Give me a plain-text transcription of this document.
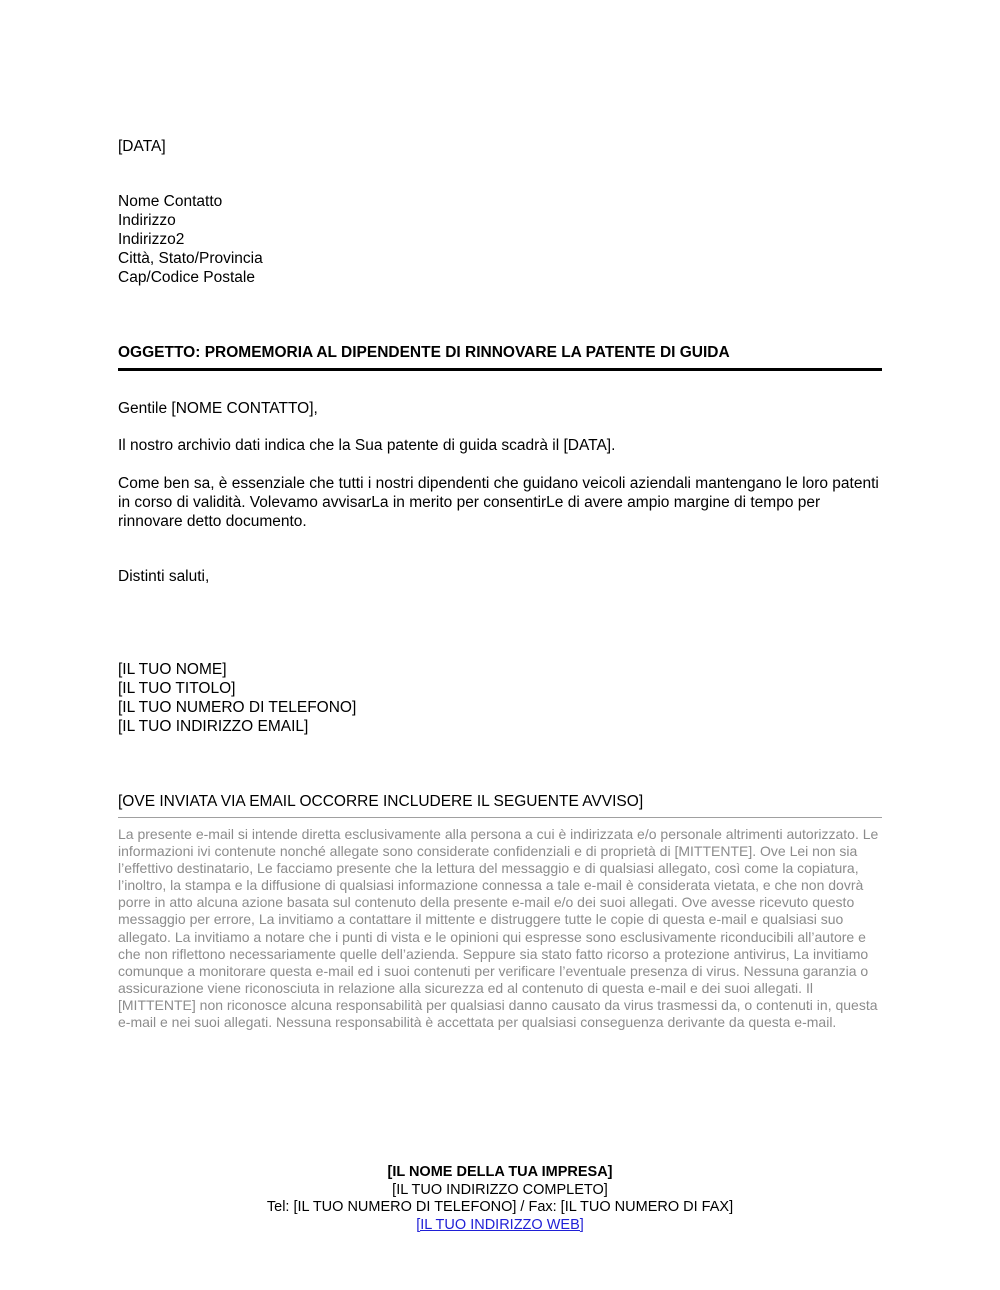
[DATA]
Nome Contatto
Indirizzo
Indirizzo2
Città, Stato/Provincia
Cap/Codice Postale
OGGETTO: PROMEMORIA AL DIPENDENTE DI RINNOVARE LA PATENTE DI GUIDA
Gentile [NOME CONTATTO],
Il nostro archivio dati indica che la Sua patente di guida scadrà il [DATA].
Come ben sa, è essenziale che tutti i nostri dipendenti che guidano veicoli aziendali mantengano le loro patenti in corso di validità. Volevamo avvisarLa in merito per consentirLe di avere ampio margine di tempo per rinnovare detto documento.
Distinti saluti,
[IL TUO NOME]
[IL TUO TITOLO]
[IL TUO NUMERO DI TELEFONO]
[IL TUO INDIRIZZO EMAIL]
[OVE INVIATA VIA EMAIL OCCORRE INCLUDERE IL SEGUENTE AVVISO]
La presente e-mail si intende diretta esclusivamente alla persona a cui è indirizzata e/o personale altrimenti autorizzato. Le informazioni ivi contenute nonché allegate sono considerate confidenziali e di proprietà di [MITTENTE]. Ove Lei non sia l’effettivo destinatario, Le facciamo presente che la lettura del messaggio e di qualsiasi allegato, così come la copiatura, l’inoltro, la stampa e la diffusione di qualsiasi informazione connessa a tale e-mail è considerata vietata, e che non dovrà porre in atto alcuna azione basata sul contenuto della presente e-mail e/o dei suoi allegati. Ove avesse ricevuto questo messaggio per errore, La invitiamo a contattare il mittente e distruggere tutte le copie di questa e-mail e qualsiasi suo allegato. La invitiamo a notare che i punti di vista e le opinioni qui espresse sono esclusivamente riconducibili all’autore e che non riflettono necessariamente quelle dell’azienda. Seppure sia stato fatto ricorso a protezione antivirus, La invitiamo comunque a monitorare questa e-mail ed i suoi contenuti per verificare l’eventuale presenza di virus. Nessuna garanzia o assicurazione viene riconosciuta in relazione alla sicurezza ed al contenuto di questa e-mail e dei suoi allegati. Il [MITTENTE] non riconosce alcuna responsabilità per qualsiasi danno causato da virus trasmessi da, o contenuti in, questa e-mail e nei suoi allegati. Nessuna responsabilità è accettata per qualsiasi conseguenza derivante da questa e-mail.
[IL NOME DELLA TUA IMPRESA]
[IL TUO INDIRIZZO COMPLETO]
Tel: [IL TUO NUMERO DI TELEFONO] / Fax: [IL TUO NUMERO DI FAX]
[IL TUO INDIRIZZO WEB]
